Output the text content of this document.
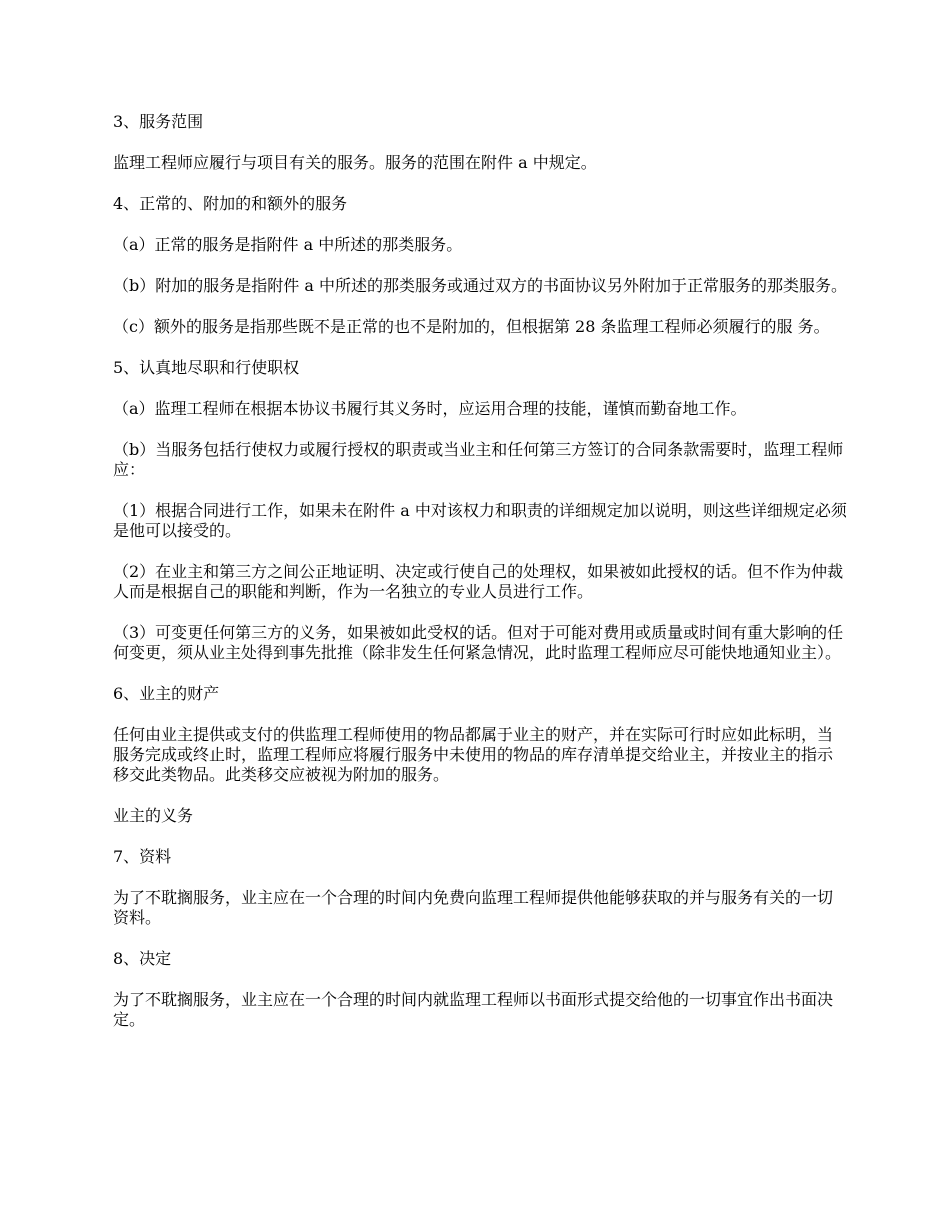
3、服务范围

监理工程师应履行与项目有关的服务。服务的范围在附件 a 中规定。

4、正常的、附加的和额外的服务

（a）正常的服务是指附件 a 中所述的那类服务。

（b）附加的服务是指附件 a 中所述的那类服务或通过双方的书面协议另外附加于正常服务的那类服务。

（c）额外的服务是指那些既不是正常的也不是附加的，但根据第 28 条监理工程师必须履行的服 务。

5、认真地尽职和行使职权

（a）监理工程师在根据本协议书履行其义务时，应运用合理的技能，谨慎而勤奋地工作。

（b）当服务包括行使权力或履行授权的职责或当业主和任何第三方签订的合同条款需要时，监理工程师应：

（1）根据合同进行工作，如果未在附件 a 中对该权力和职责的详细规定加以说明，则这些详细规定必须是他可以接受的。

（2）在业主和第三方之间公正地证明、决定或行使自己的处理权，如果被如此授权的话。但不作为仲裁人而是根据自己的职能和判断，作为一名独立的专业人员进行工作。

（3）可变更任何第三方的义务，如果被如此受权的话。但对于可能对费用或质量或时间有重大影响的任何变更，须从业主处得到事先批推（除非发生任何紧急情况，此时监理工程师应尽可能快地通知业主）。

6、业主的财产

任何由业主提供或支付的供监理工程师使用的物品都属于业主的财产，并在实际可行时应如此标明，当服务完成或终止时，监理工程师应将履行服务中未使用的物品的库存清单提交给业主，并按业主的指示移交此类物品。此类移交应被视为附加的服务。

业主的义务

7、资料

为了不耽搁服务，业主应在一个合理的时间内免费向监理工程师提供他能够获取的并与服务有关的一切资料。

8、决定

为了不耽搁服务，业主应在一个合理的时间内就监理工程师以书面形式提交给他的一切事宜作出书面决定。
